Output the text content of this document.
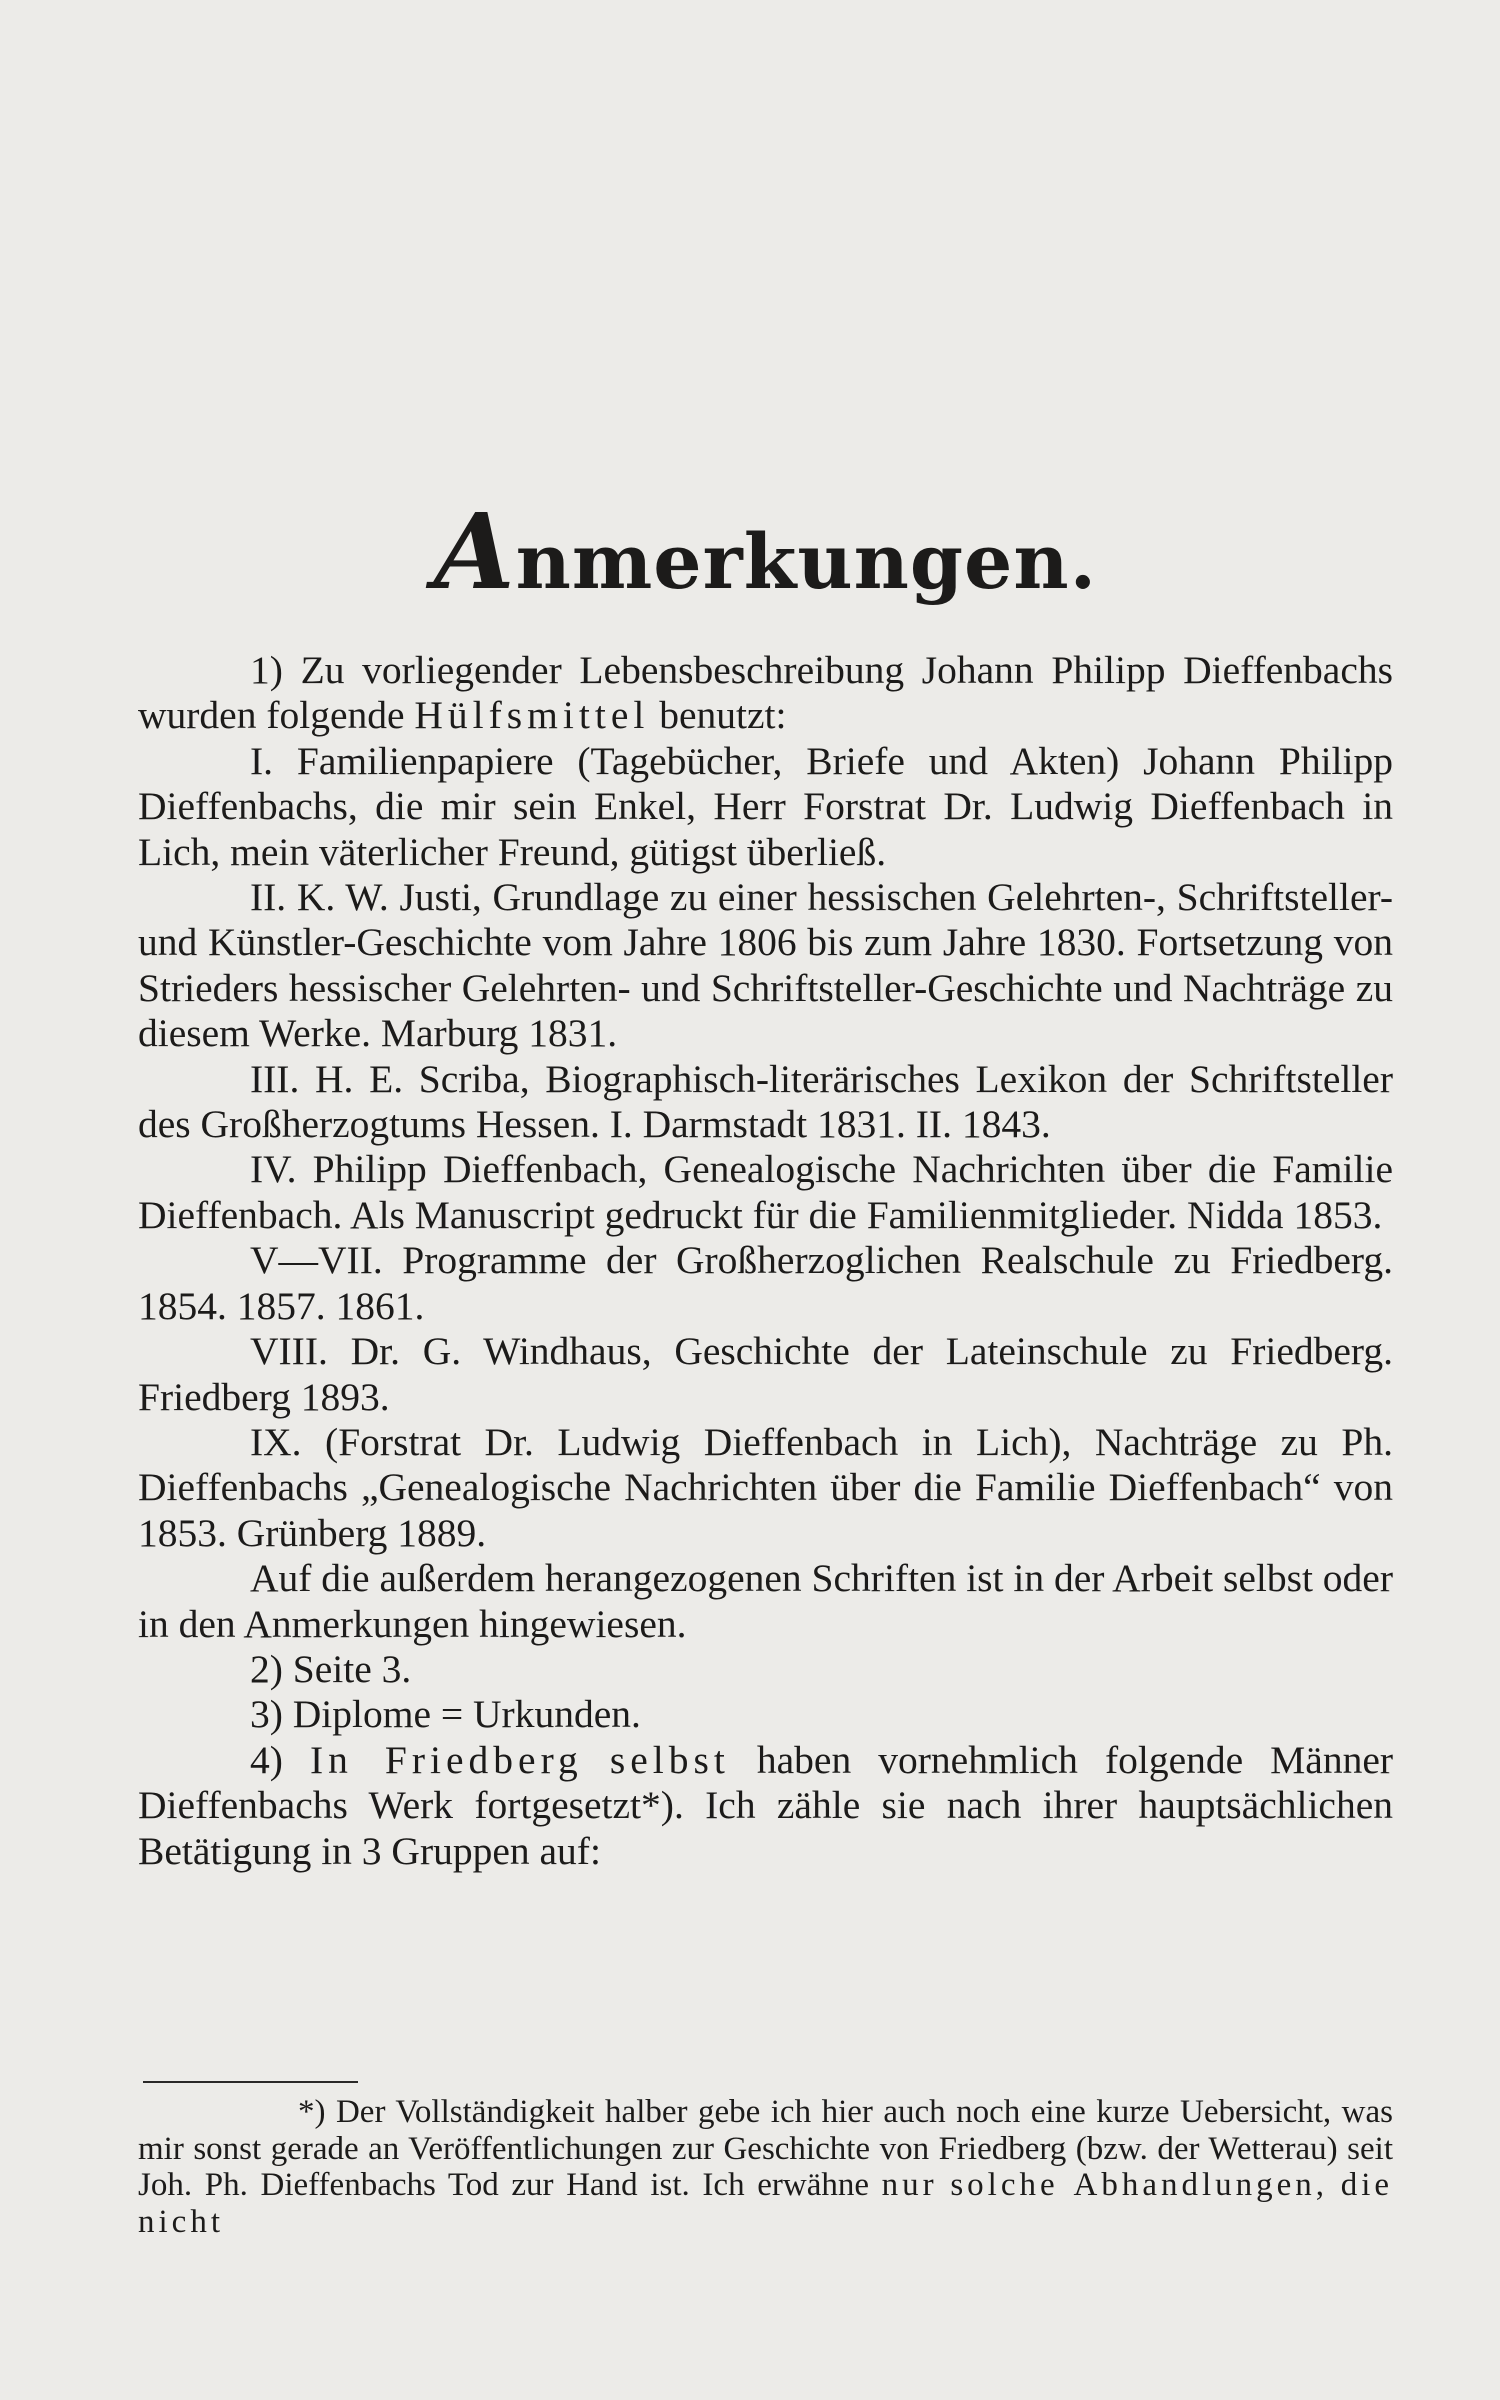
Anmerkungen.

1) Zu vorliegender Lebensbeschreibung Johann Philipp Dieffenbachs wurden folgende Hülfsmittel benutzt:

I. Familienpapiere (Tagebücher, Briefe und Akten) Johann Philipp Dieffenbachs, die mir sein Enkel, Herr Forstrat Dr. Ludwig Dieffenbach in Lich, mein väterlicher Freund, gütigst überließ.

II. K. W. Justi, Grundlage zu einer hessischen Gelehrten-, Schriftsteller- und Künstler-Geschichte vom Jahre 1806 bis zum Jahre 1830. Fortsetzung von Strieders hessischer Gelehrten- und Schriftsteller-Geschichte und Nachträge zu diesem Werke. Marburg 1831.

III. H. E. Scriba, Biographisch-literärisches Lexikon der Schriftsteller des Großherzogtums Hessen. I. Darmstadt 1831. II. 1843.

IV. Philipp Dieffenbach, Genealogische Nachrichten über die Familie Dieffenbach. Als Manuscript gedruckt für die Familienmitglieder. Nidda 1853.

V—VII. Programme der Großherzoglichen Realschule zu Friedberg. 1854. 1857. 1861.

VIII. Dr. G. Windhaus, Geschichte der Lateinschule zu Friedberg. Friedberg 1893.

IX. (Forstrat Dr. Ludwig Dieffenbach in Lich), Nachträge zu Ph. Dieffenbachs „Genealogische Nachrichten über die Familie Dieffenbach“ von 1853. Grünberg 1889.

Auf die außerdem herangezogenen Schriften ist in der Arbeit selbst oder in den Anmerkungen hingewiesen.

2) Seite 3.

3) Diplome = Urkunden.

4) In Friedberg selbst haben vornehmlich folgende Männer Dieffenbachs Werk fortgesetzt*). Ich zähle sie nach ihrer hauptsächlichen Betätigung in 3 Gruppen auf:

*) Der Vollständigkeit halber gebe ich hier auch noch eine kurze Uebersicht, was mir sonst gerade an Veröffentlichungen zur Geschichte von Friedberg (bzw. der Wetterau) seit Joh. Ph. Dieffenbachs Tod zur Hand ist. Ich erwähne nur solche Abhandlungen, die nicht
